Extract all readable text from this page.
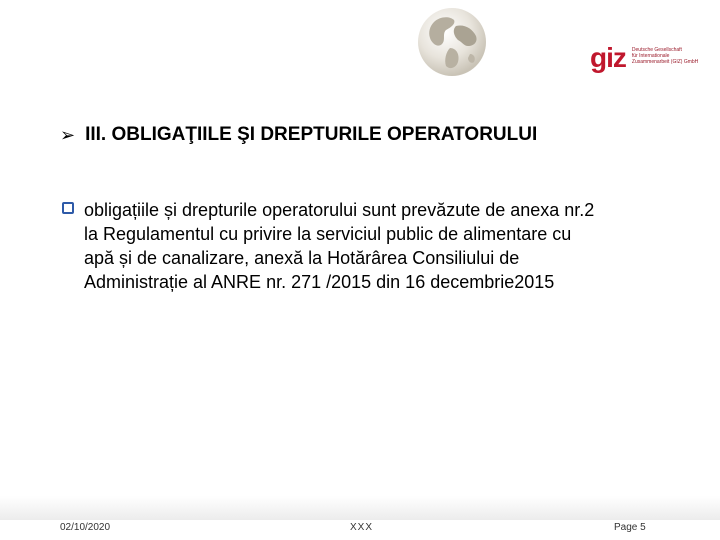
giz Deutsche Gesellschaft
für Internationale
Zusammenarbeit (GIZ) GmbH
➢ III. OBLIGAŢIILE ŞI DREPTURILE OPERATORULUI
obligațiile și drepturile operatorului sunt prevăzute de anexa nr.2
la Regulamentul cu privire la serviciul public de alimentare cu
apă și de canalizare, anexă la Hotărârea Consiliului de
Administrație al ANRE nr. 271 /2015 din 16 decembrie2015
02/10/2020	XXX	Page 5
